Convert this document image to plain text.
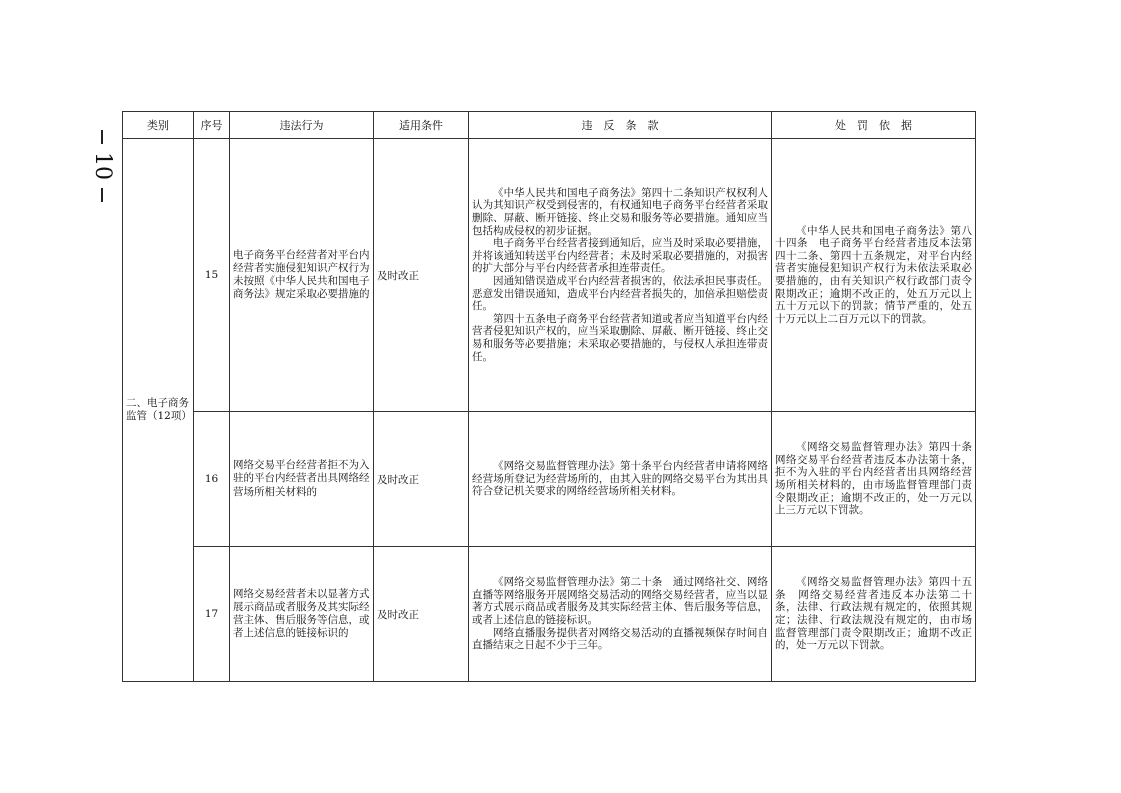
10
类别	序号	违法行为	适用条件	违　反　条　款	处　罚　依　据
二、电子商务监管（12项）	15	电子商务平台经营者对平台内经营者实施侵犯知识产权行为未按照《中华人民共和国电子商务法》规定采取必要措施的	及时改正	《中华人民共和国电子商务法》第四十二条知识产权权利人认为其知识产权受到侵害的，有权通知电子商务平台经营者采取删除、屏蔽、断开链接、终止交易和服务等必要措施。通知应当包括构成侵权的初步证据。

电子商务平台经营者接到通知后，应当及时采取必要措施，并将该通知转送平台内经营者；未及时采取必要措施的，对损害的扩大部分与平台内经营者承担连带责任。

因通知错误造成平台内经营者损害的，依法承担民事责任。恶意发出错误通知，造成平台内经营者损失的，加倍承担赔偿责任。

第四十五条电子商务平台经营者知道或者应当知道平台内经营者侵犯知识产权的，应当采取删除、屏蔽、断开链接、终止交易和服务等必要措施；未采取必要措施的，与侵权人承担连带责任。	《中华人民共和国电子商务法》第八十四条　电子商务平台经营者违反本法第四十二条、第四十五条规定，对平台内经营者实施侵犯知识产权行为未依法采取必要措施的，由有关知识产权行政部门责令限期改正；逾期不改正的，处五万元以上五十万元以下的罚款；情节严重的，处五十万元以上二百万元以下的罚款。

	16	网络交易平台经营者拒不为入驻的平台内经营者出具网络经营场所相关材料的	及时改正	《网络交易监督管理办法》第十条平台内经营者申请将网络经营场所登记为经营场所的，由其入驻的网络交易平台为其出具符合登记机关要求的网络经营场所相关材料。	《网络交易监督管理办法》第四十条　网络交易平台经营者违反本办法第十条，拒不为入驻的平台内经营者出具网络经营场所相关材料的，由市场监督管理部门责令限期改正；逾期不改正的，处一万元以上三万元以下罚款。

	17	网络交易经营者未以显著方式展示商品或者服务及其实际经营主体、售后服务等信息，或者上述信息的链接标识的	及时改正	《网络交易监督管理办法》第二十条　通过网络社交、网络直播等网络服务开展网络交易活动的网络交易经营者，应当以显著方式展示商品或者服务及其实际经营主体、售后服务等信息，或者上述信息的链接标识。

网络直播服务提供者对网络交易活动的直播视频保存时间自直播结束之日起不少于三年。	《网络交易监督管理办法》第四十五条　网络交易经营者违反本办法第二十条，法律、行政法规有规定的，依照其规定；法律、行政法规没有规定的，由市场监督管理部门责令限期改正；逾期不改正的，处一万元以下罚款。
